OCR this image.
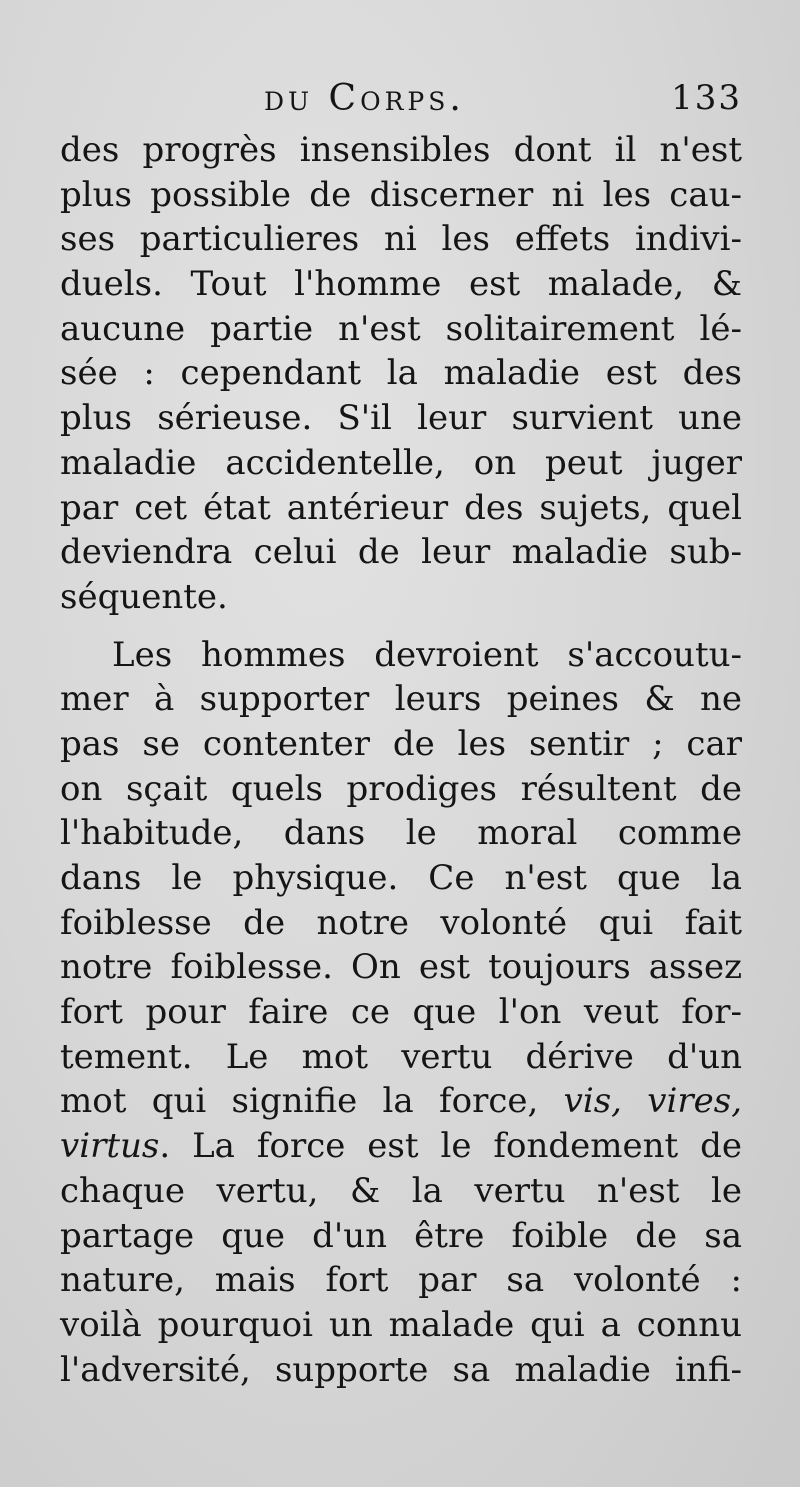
du Corps.	133
des progrès insensibles dont il n'est
plus possible de discerner ni les cau-
ses particulieres ni les effets indivi-
duels. Tout l'homme est malade, &
aucune partie n'est solitairement lé-
sée : cependant la maladie est des
plus sérieuse. S'il leur survient une
maladie accidentelle, on peut juger
par cet état antérieur des sujets, quel
deviendra celui de leur maladie sub-
séquente.
Les hommes devroient s'accoutu-
mer à supporter leurs peines & ne
pas se contenter de les sentir ; car
on sçait quels prodiges résultent de
l'habitude, dans le moral comme
dans le physique. Ce n'est que la
foiblesse de notre volonté qui fait
notre foiblesse. On est toujours assez
fort pour faire ce que l'on veut for-
tement. Le mot vertu dérive d'un
mot qui signifie la force, vis, vires,
virtus. La force est le fondement de
chaque vertu, & la vertu n'est le
partage que d'un être foible de sa
nature, mais fort par sa volonté :
voilà pourquoi un malade qui a connu
l'adversité, supporte sa maladie infi-
